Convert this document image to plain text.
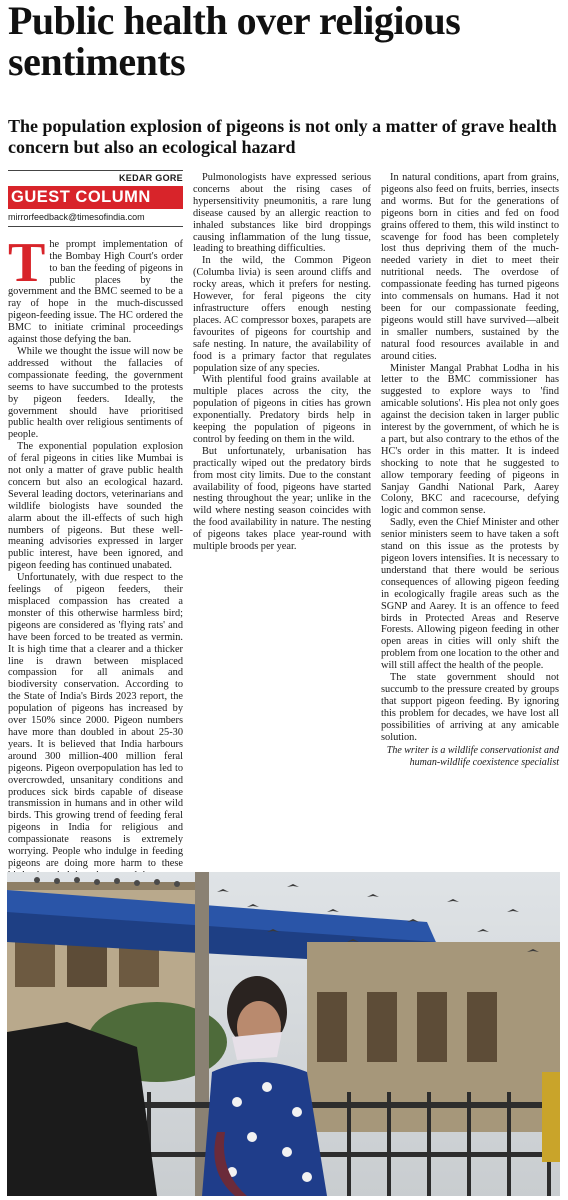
Public health over religious sentiments
The population explosion of pigeons is not only a matter of grave health concern but also an ecological hazard
KEDAR GORE
GUEST COLUMN
mirrorfeedback@timesofindia.com

The prompt implementation of the Bombay High Court's order to ban the feeding of pigeons in public places by the government and the BMC seemed to be a ray of hope in the much-discussed pigeon-feeding issue. The HC ordered the BMC to initiate criminal proceedings against those defying the ban.

While we thought the issue will now be addressed without the fallacies of compassionate feeding, the government seems to have succumbed to the protests by pigeon feeders. Ideally, the government should have prioritised public health over religious sentiments of people.

The exponential population explosion of feral pigeons in cities like Mumbai is not only a matter of grave public health concern but also an ecological hazard. Several leading doctors, veterinarians and wildlife biologists have sounded the alarm about the ill-effects of such high numbers of pigeons. But these well-meaning advisories expressed in larger public interest, have been ignored, and pigeon feeding has continued unabated.

Unfortunately, with due respect to the feelings of pigeon feeders, their misplaced compassion has created a monster of this otherwise harmless bird; pigeons are considered as 'flying rats' and have been forced to be treated as vermin. It is high time that a clearer and a thicker line is drawn between misplaced compassion for all animals and biodiversity conservation. According to the State of India's Birds 2023 report, the population of pigeons has increased by over 150% since 2000. Pigeon numbers have more than doubled in about 25-30 years. It is believed that India harbours around 300 million-400 million feral pigeons. Pigeon overpopulation has led to overcrowded, unsanitary conditions and produces sick birds capable of disease transmission in humans and in other wild birds. This growing trend of feeding feral pigeons in India for religious and compassionate reasons is extremely worrying. People who indulge in feeding pigeons are doing more harm to these

Pulmonologists have expressed serious concerns about the rising cases of hypersensitivity pneumonitis, a rare lung disease caused by an allergic reaction to inhaled substances like bird droppings causing inflammation of the lung tissue, leading to breathing difficulties.

In the wild, the Common Pigeon (Columba livia) is seen around cliffs and rocky areas, which it prefers for nesting. However, for feral pigeons the city infrastructure offers enough nesting places. AC compressor boxes, parapets are favourites of pigeons for courtship and safe nesting. In nature, the availability of food is a primary factor that regulates population size of any species.

With plentiful food grains available at multiple places across the city, the population of pigeons in cities has grown exponentially. Predatory birds help in keeping the population of pigeons in control by feeding on them in the wild.

But unfortunately, urbanisation has practically wiped out the predatory birds from most city limits. Due to the constant availability of food, pigeons have started nesting throughout the year; unlike in the wild where nesting season coincides with the food availability in nature. The nesting of pigeons takes place year-round with multiple broods per year.

In natural conditions, apart from grains, pigeons also feed on fruits, berries, insects and worms. But for the generations of pigeons born in cities and fed on food grains offered to them, this wild instinct to scavenge for food has been completely lost thus depriving them of the much-needed variety in diet to meet their nutritional needs. The overdose of compassionate feeding has turned pigeons into commensals on humans. Had it not been for our compassionate feeding, pigeons would still have survived—albeit in smaller numbers, sustained by the natural food resources available in and around cities.

Minister Mangal Prabhat Lodha in his letter to the BMC commissioner has suggested to explore ways to 'find amicable solutions'. His plea not only goes against the decision taken in larger public interest by the government, of which he is a part, but also contrary to the ethos of the HC's order in this matter. It is indeed shocking to note that he suggested to allow temporary feeding of pigeons in Sanjay Gandhi National Park, Aarey Colony, BKC and racecourse, defying logic and common sense.

Sadly, even the Chief Minister and other senior ministers seem to have taken a soft stand on this issue as the protests by pigeon lovers intensifies. It is necessary to understand that there would be serious consequences of allowing pigeon feeding in ecologically fragile areas such as the SGNP and Aarey. It is an offence to feed birds in Protected Areas and Reserve Forests. Allowing pigeon feeding in other open areas in cities will only shift the problem from one location to the other and will still affect the health of the people.

The state government should not succumb to the pressure created by groups that support pigeon feeding. By ignoring this problem for decades, we have lost all possibilities of arriving at any amicable solution.

The writer is a wildlife conservationist and human-wildlife coexistence specialist
